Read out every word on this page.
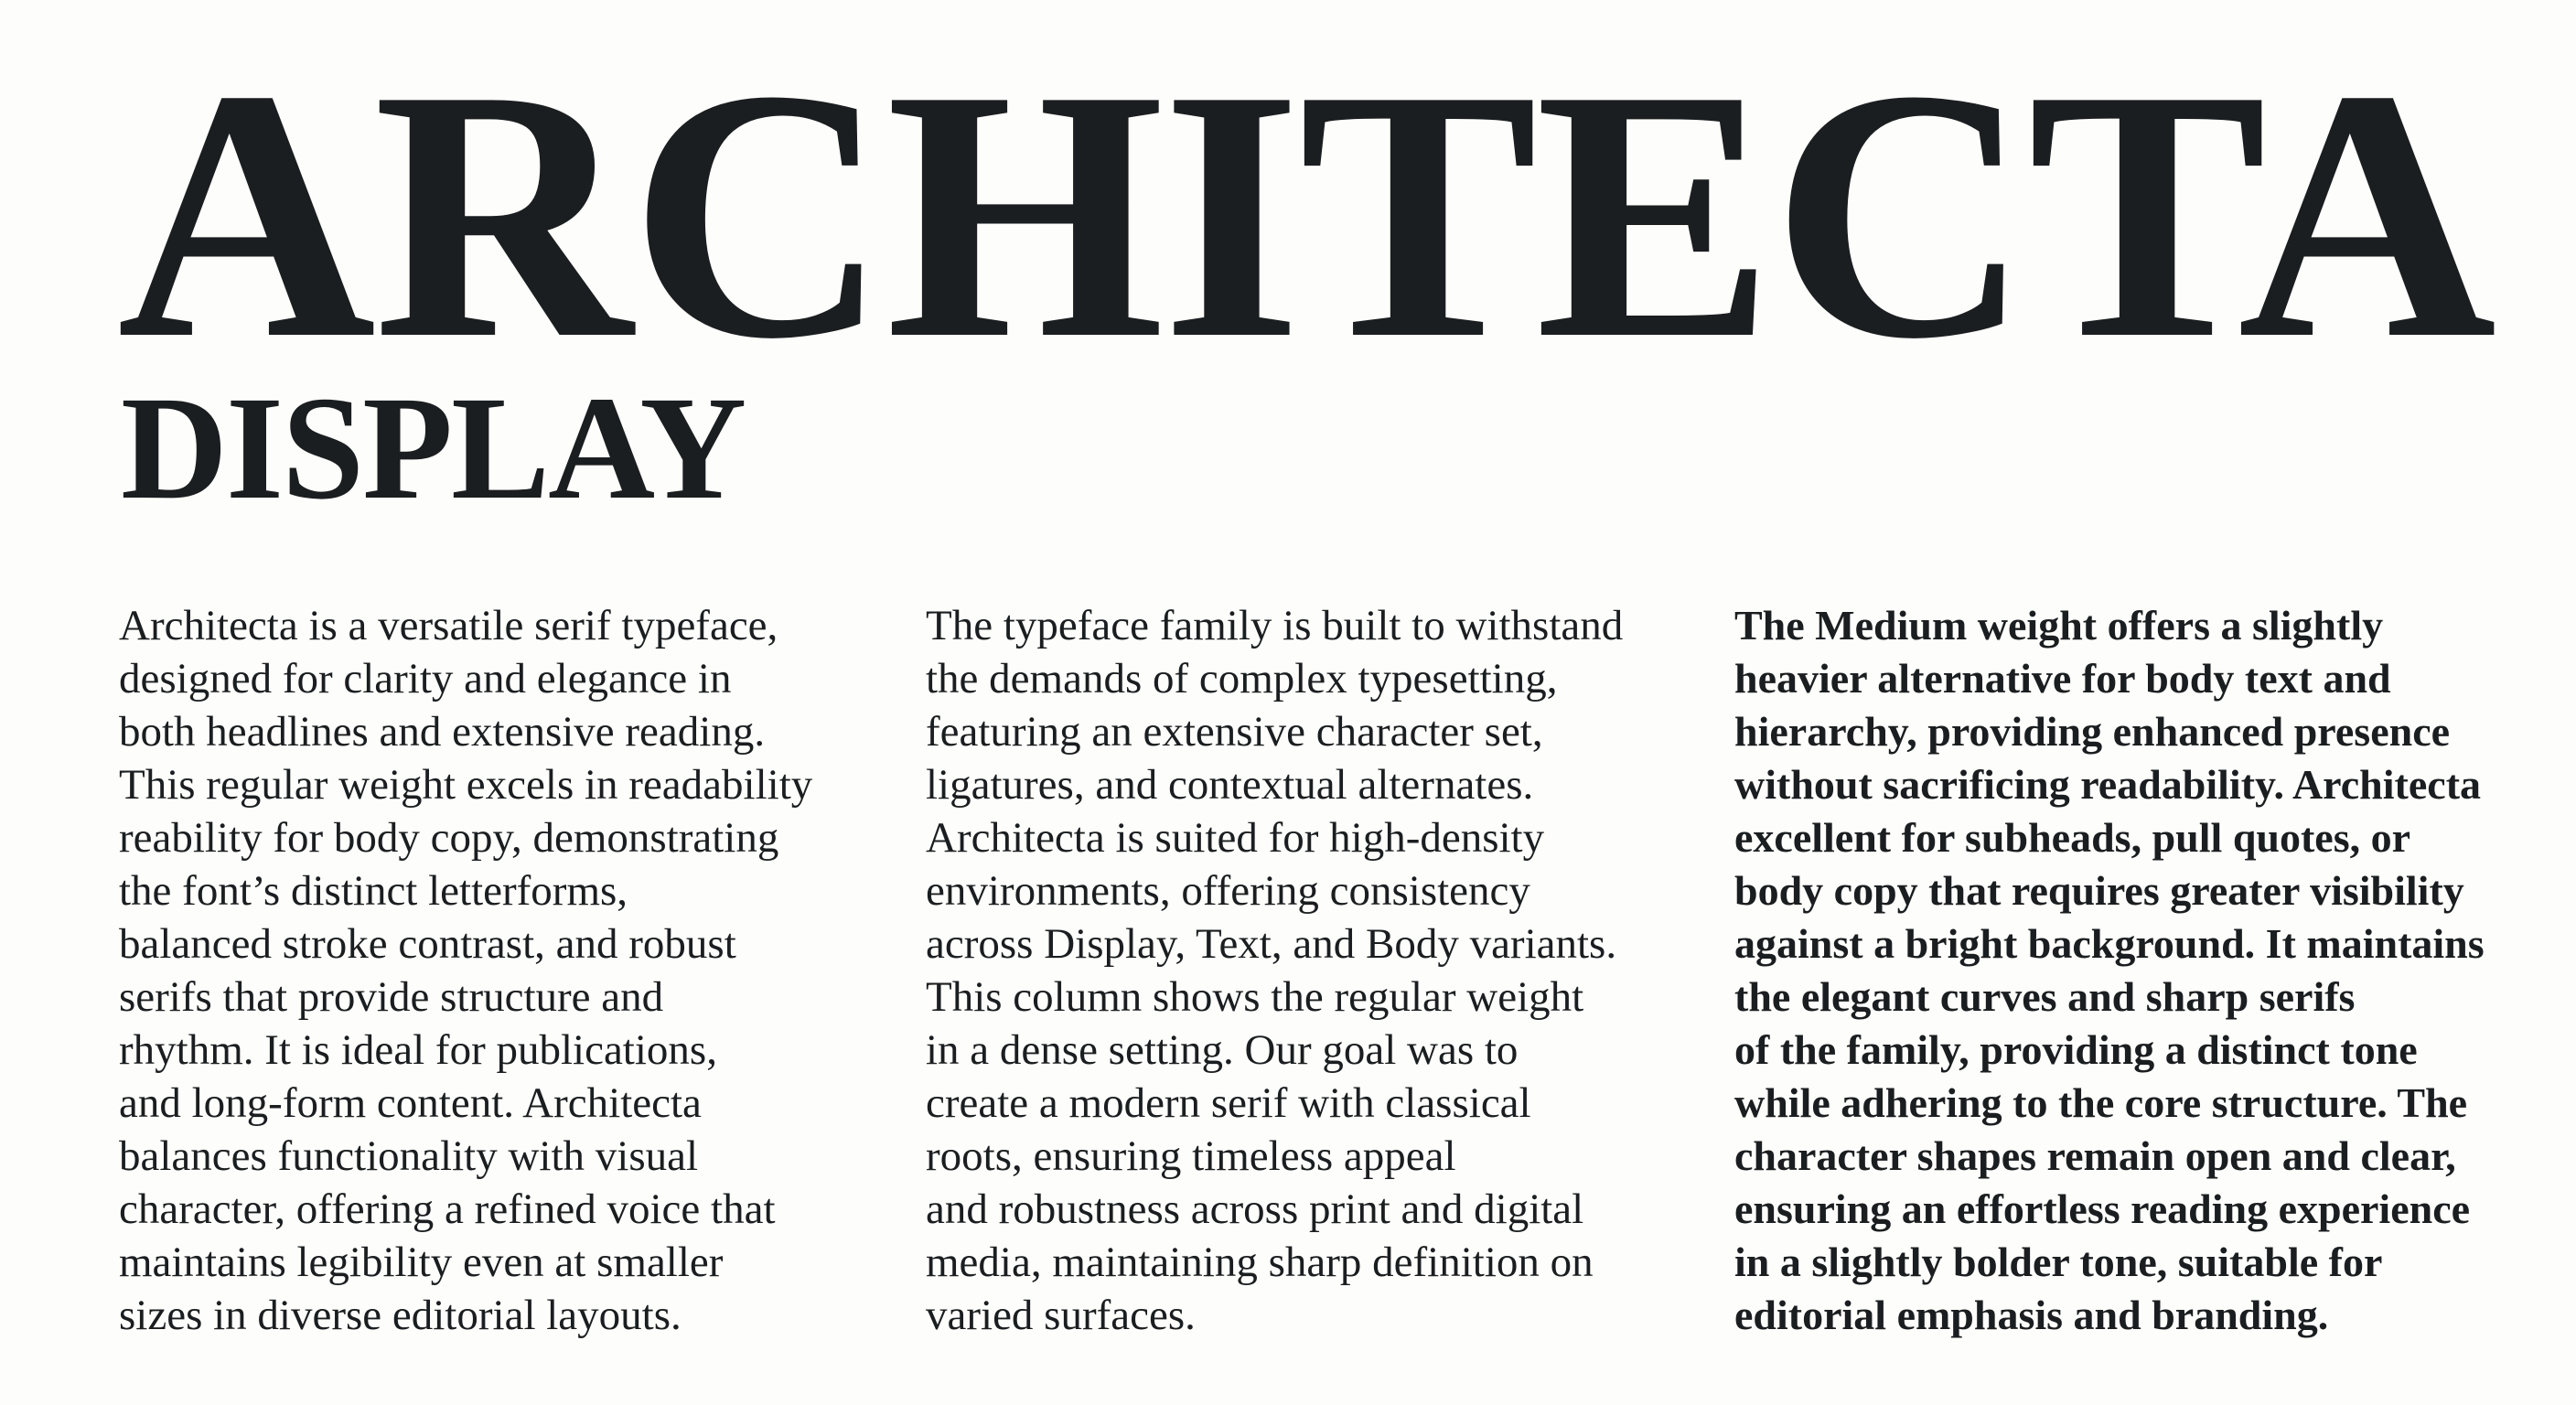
ARCHITECTA
DISPLAY

Architecta is a versatile serif typeface,
designed for clarity and elegance in
both headlines and extensive reading.
This regular weight excels in readability
reability for body copy, demonstrating
the font’s distinct letterforms,
balanced stroke contrast, and robust
serifs that provide structure and
rhythm. It is ideal for publications,
and long-form content. Architecta
balances functionality with visual
character, offering a refined voice that
maintains legibility even at smaller
sizes in diverse editorial layouts.

The typeface family is built to withstand
the demands of complex typesetting,
featuring an extensive character set,
ligatures, and contextual alternates.
Architecta is suited for high-density
environments, offering consistency
across Display, Text, and Body variants.
This column shows the regular weight
in a dense setting. Our goal was to
create a modern serif with classical
roots, ensuring timeless appeal
and robustness across print and digital
media, maintaining sharp definition on
varied surfaces.

The Medium weight offers a slightly
heavier alternative for body text and
hierarchy, providing enhanced presence
without sacrificing readability. Architecta
excellent for subheads, pull quotes, or
body copy that requires greater visibility
against a bright background. It maintains
the elegant curves and sharp serifs
of the family, providing a distinct tone
while adhering to the core structure. The
character shapes remain open and clear,
ensuring an effortless reading experience
in a slightly bolder tone, suitable for
editorial emphasis and branding.
